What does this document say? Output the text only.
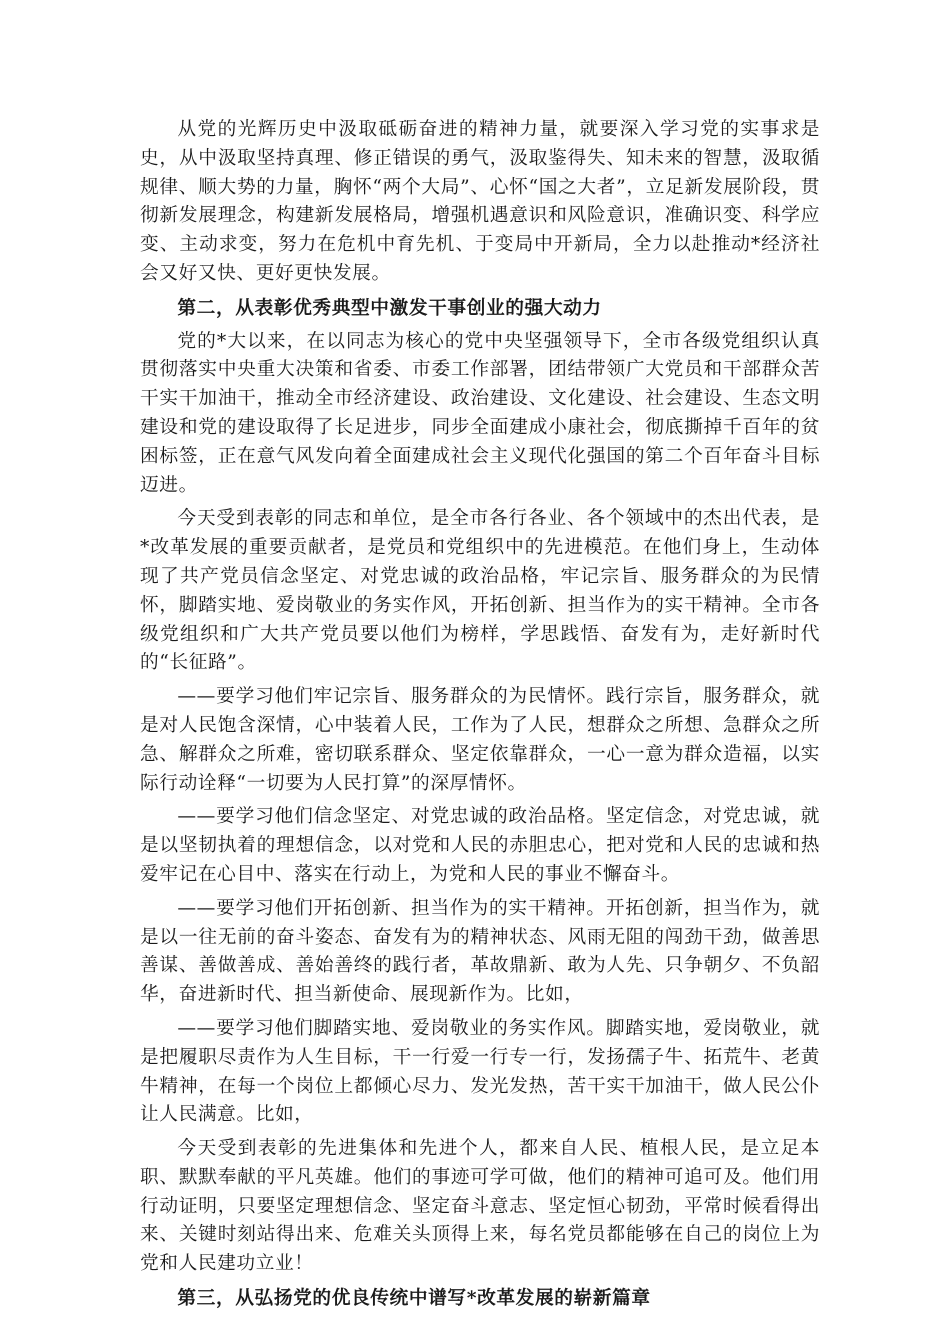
从党的光辉历史中汲取砥砺奋进的精神力量，就要深入学习党的实事求是史，从中汲取坚持真理、修正错误的勇气，汲取鉴得失、知未来的智慧，汲取循规律、顺大势的力量，胸怀“两个大局”、心怀“国之大者”，立足新发展阶段，贯彻新发展理念，构建新发展格局，增强机遇意识和风险意识，准确识变、科学应变、主动求变，努力在危机中育先机、于变局中开新局，全力以赴推动*经济社会又好又快、更好更快发展。

第二，从表彰优秀典型中激发干事创业的强大动力

党的*大以来，在以同志为核心的党中央坚强领导下，全市各级党组织认真贯彻落实中央重大决策和省委、市委工作部署，团结带领广大党员和干部群众苦干实干加油干，推动全市经济建设、政治建设、文化建设、社会建设、生态文明建设和党的建设取得了长足进步，同步全面建成小康社会，彻底撕掉千百年的贫困标签，正在意气风发向着全面建成社会主义现代化强国的第二个百年奋斗目标迈进。

今天受到表彰的同志和单位，是全市各行各业、各个领域中的杰出代表，是*改革发展的重要贡献者，是党员和党组织中的先进模范。在他们身上，生动体现了共产党员信念坚定、对党忠诚的政治品格，牢记宗旨、服务群众的为民情怀，脚踏实地、爱岗敬业的务实作风，开拓创新、担当作为的实干精神。全市各级党组织和广大共产党员要以他们为榜样，学思践悟、奋发有为，走好新时代的“长征路”。

——要学习他们牢记宗旨、服务群众的为民情怀。践行宗旨，服务群众，就是对人民饱含深情，心中装着人民，工作为了人民，想群众之所想、急群众之所急、解群众之所难，密切联系群众、坚定依靠群众，一心一意为群众造福，以实际行动诠释“一切要为人民打算”的深厚情怀。

——要学习他们信念坚定、对党忠诚的政治品格。坚定信念，对党忠诚，就是以坚韧执着的理想信念，以对党和人民的赤胆忠心，把对党和人民的忠诚和热爱牢记在心目中、落实在行动上，为党和人民的事业不懈奋斗。

——要学习他们开拓创新、担当作为的实干精神。开拓创新，担当作为，就是以一往无前的奋斗姿态、奋发有为的精神状态、风雨无阻的闯劲干劲，做善思善谋、善做善成、善始善终的践行者，革故鼎新、敢为人先、只争朝夕、不负韶华，奋进新时代、担当新使命、展现新作为。比如，

——要学习他们脚踏实地、爱岗敬业的务实作风。脚踏实地，爱岗敬业，就是把履职尽责作为人生目标，干一行爱一行专一行，发扬孺子牛、拓荒牛、老黄牛精神，在每一个岗位上都倾心尽力、发光发热，苦干实干加油干，做人民公仆让人民满意。比如，

今天受到表彰的先进集体和先进个人，都来自人民、植根人民，是立足本职、默默奉献的平凡英雄。他们的事迹可学可做，他们的精神可追可及。他们用行动证明，只要坚定理想信念、坚定奋斗意志、坚定恒心韧劲，平常时候看得出来、关键时刻站得出来、危难关头顶得上来，每名党员都能够在自己的岗位上为党和人民建功立业！

第三，从弘扬党的优良传统中谱写*改革发展的崭新篇章
